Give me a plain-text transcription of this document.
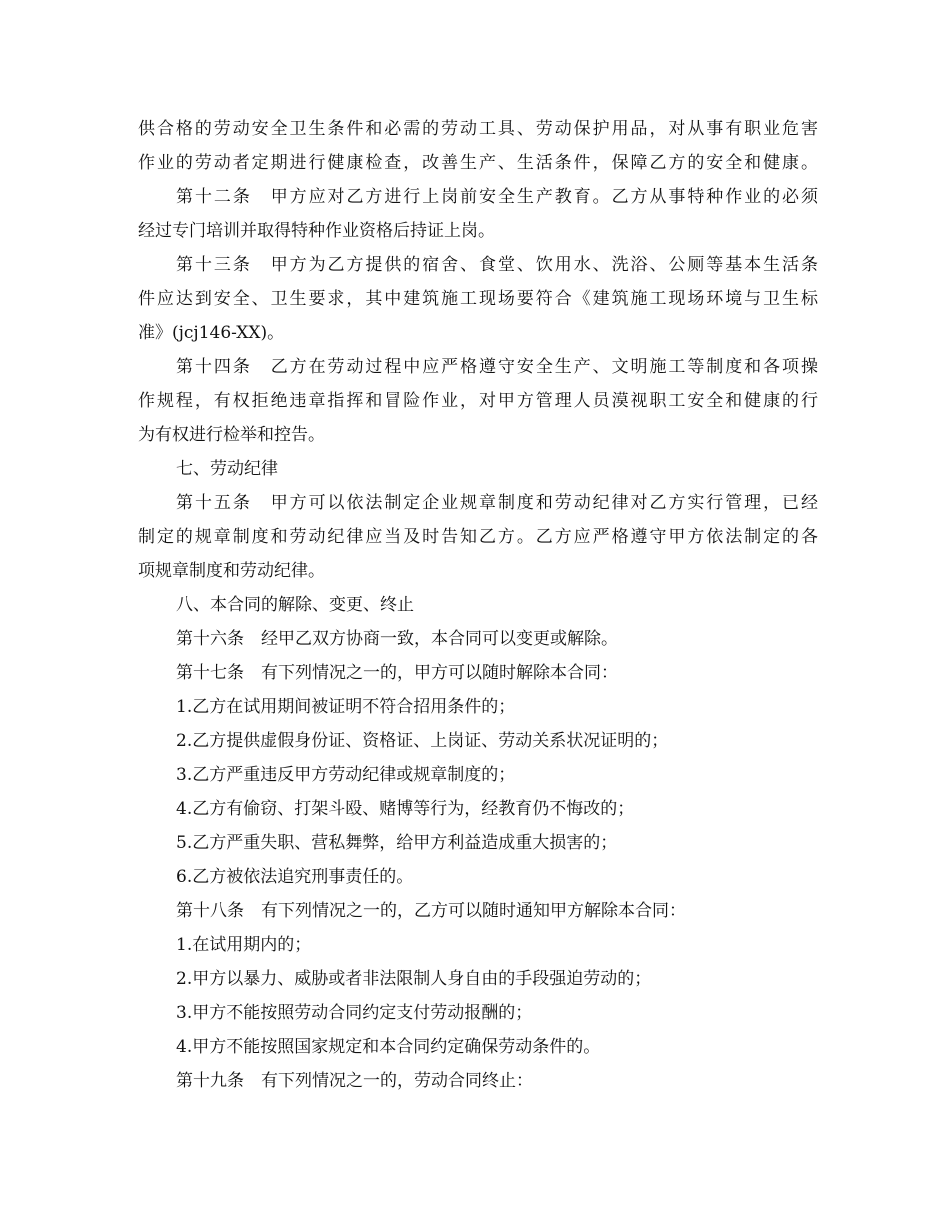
供合格的劳动安全卫生条件和必需的劳动工具、劳动保护用品，对从事有职业危害
作业的劳动者定期进行健康检查，改善生产、生活条件，保障乙方的安全和健康。
第十二条　甲方应对乙方进行上岗前安全生产教育。乙方从事特种作业的必须
经过专门培训并取得特种作业资格后持证上岗。
第十三条　甲方为乙方提供的宿舍、食堂、饮用水、洗浴、公厕等基本生活条
件应达到安全、卫生要求，其中建筑施工现场要符合《建筑施工现场环境与卫生标
准》(jcj146-XX)。
第十四条　乙方在劳动过程中应严格遵守安全生产、文明施工等制度和各项操
作规程，有权拒绝违章指挥和冒险作业，对甲方管理人员漠视职工安全和健康的行
为有权进行检举和控告。
七、劳动纪律
第十五条　甲方可以依法制定企业规章制度和劳动纪律对乙方实行管理，已经
制定的规章制度和劳动纪律应当及时告知乙方。乙方应严格遵守甲方依法制定的各
项规章制度和劳动纪律。
八、本合同的解除、变更、终止
第十六条　经甲乙双方协商一致，本合同可以变更或解除。
第十七条　有下列情况之一的，甲方可以随时解除本合同：
1.乙方在试用期间被证明不符合招用条件的；
2.乙方提供虚假身份证、资格证、上岗证、劳动关系状况证明的；
3.乙方严重违反甲方劳动纪律或规章制度的；
4.乙方有偷窃、打架斗殴、赌博等行为，经教育仍不悔改的；
5.乙方严重失职、营私舞弊，给甲方利益造成重大损害的；
6.乙方被依法追究刑事责任的。
第十八条　有下列情况之一的，乙方可以随时通知甲方解除本合同：
1.在试用期内的；
2.甲方以暴力、威胁或者非法限制人身自由的手段强迫劳动的；
3.甲方不能按照劳动合同约定支付劳动报酬的；
4.甲方不能按照国家规定和本合同约定确保劳动条件的。
第十九条　有下列情况之一的，劳动合同终止：
